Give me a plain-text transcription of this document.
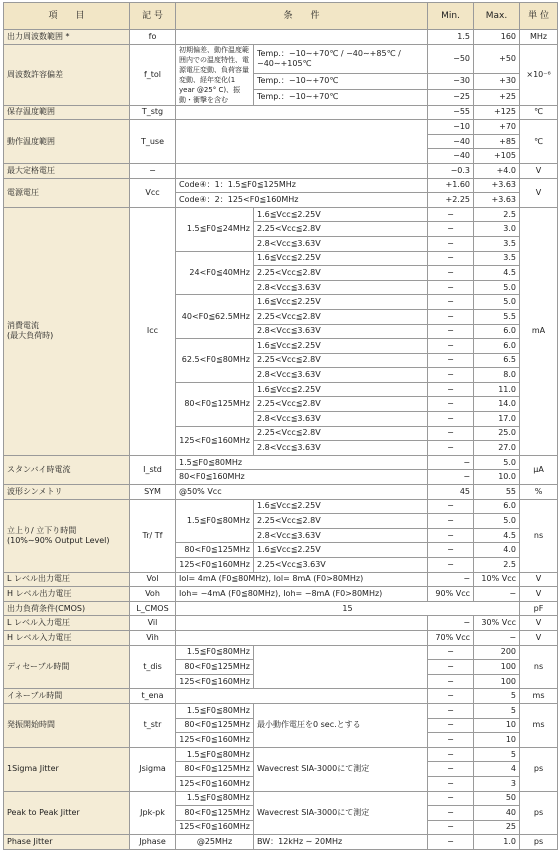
項　　目	記 号	条　　件		Min.	Max.	単 位
出力周波数範囲 *	fo			1.5	160	MHz
周波数許容偏差	f_tol	初期偏差、動作温度範囲内での温度特性、電源電圧変動、負荷容量変動、経年変化(1 year @25° C)、振動・衝撃を含む	Temp.：−10∼+70℃ / −40∼+85℃ / −40∼+105℃	−50	+50	×10⁻⁶
			Temp.：−10∼+70℃	−30	+30	
			Temp.：−10∼+70℃	−25	+25	
保存温度範囲	T_stg			−55	+125	℃
動作温度範囲	T_use			−10	+70	℃
				−40	+85	
				−40	+105	
最大定格電圧	−			−0.3	+4.0	V
電源電圧	Vcc	Code④：1：1.5≦F0≦125MHz		+1.60	+3.63	V
		Code④：2：125<F0≦160MHz		+2.25	+3.63	
消費電流
(最大負荷時)	Icc	1.5≦F0≦24MHz	1.6≦Vcc≦2.25V	−	2.5	mA
			2.25<Vcc≦2.8V	−	3.0	
			2.8<Vcc≦3.63V	−	3.5	
		24<F0≦40MHz	1.6≦Vcc≦2.25V	−	3.5	
			2.25<Vcc≦2.8V	−	4.5	
			2.8<Vcc≦3.63V	−	5.0	
		40<F0≦62.5MHz	1.6≦Vcc≦2.25V	−	5.0	
			2.25<Vcc≦2.8V	−	5.5	
			2.8<Vcc≦3.63V	−	6.0	
		62.5<F0≦80MHz	1.6≦Vcc≦2.25V	−	6.0	
			2.25<Vcc≦2.8V	−	6.5	
			2.8<Vcc≦3.63V	−	8.0	
		80<F0≦125MHz	1.6≦Vcc≦2.25V	−	11.0	
			2.25<Vcc≦2.8V	−	14.0	
			2.8<Vcc≦3.63V	−	17.0	
		125<F0≦160MHz	2.25<Vcc≦2.8V	−	25.0	
			2.8<Vcc≦3.63V	−	27.0	
スタンバイ時電流	I_std	1.5≦F0≦80MHz		−	5.0	μA
		80<F0≦160MHz		−	10.0	
波形シンメトリ	SYM	@50% Vcc		45	55	%
立上り/ 立下り時間
(10%∼90% Output Level)	Tr/ Tf	1.5≦F0≦80MHz	1.6≦Vcc≦2.25V	−	6.0	ns
			2.25<Vcc≦2.8V	−	5.0	
			2.8<Vcc≦3.63V	−	4.5	
		80<F0≦125MHz	1.6≦Vcc≦2.25V	−	4.0	
		125<F0≦160MHz	2.25<Vcc≦3.63V	−	2.5	
L レベル出力電圧	Vol	Iol= 4mA (F0≦80MHz), Iol= 8mA (F0>80MHz)		−	10% Vcc	V
H レベル出力電圧	Voh	Ioh= −4mA (F0≦80MHz), Ioh= −8mA (F0>80MHz)		90% Vcc	−	V
出力負荷条件(CMOS)	L_CMOS	15				pF
L レベル入力電圧	Vil			−	30% Vcc	V
H レベル入力電圧	Vih			70% Vcc	−	V
ディセーブル時間	t_dis	1.5≦F0≦80MHz		−	200	ns
		80<F0≦125MHz		−	100	
		125<F0≦160MHz		−	100	
イネーブル時間	t_ena			−	5	ms
発振開始時間	t_str	1.5≦F0≦80MHz	最小動作電圧を0 sec.とする	−	5	ms
		80<F0≦125MHz		−	10	
		125<F0≦160MHz		−	10	
1Sigma Jitter	Jsigma	1.5≦F0≦80MHz	Wavecrest SIA-3000にて測定	−	5	ps
		80<F0≦125MHz		−	4	
		125<F0≦160MHz		−	3	
Peak to Peak Jitter	Jpk-pk	1.5≦F0≦80MHz	Wavecrest SIA-3000にて測定	−	50	ps
		80<F0≦125MHz		−	40	
		125<F0≦160MHz		−	25	
Phase Jitter	Jphase	@25MHz	BW：12kHz ∼ 20MHz	−	1.0	ps
